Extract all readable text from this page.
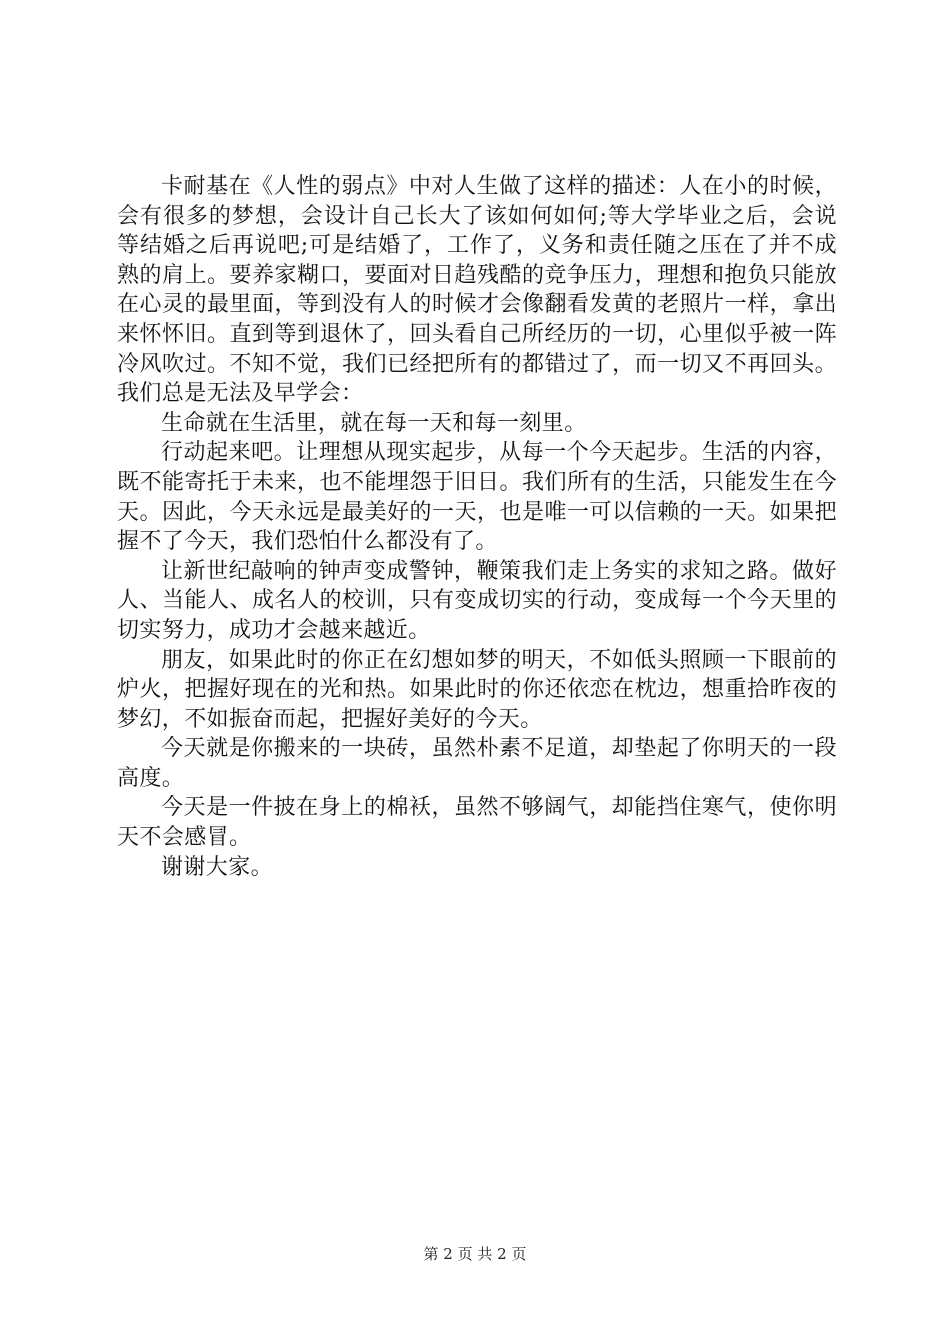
卡耐基在《人性的弱点》中对人生做了这样的描述：人在小的时候，会有很多的梦想，会设计自己长大了该如何如何;等大学毕业之后，会说等结婚之后再说吧;可是结婚了，工作了，义务和责任随之压在了并不成熟的肩上。要养家糊口，要面对日趋残酷的竞争压力，理想和抱负只能放在心灵的最里面，等到没有人的时候才会像翻看发黄的老照片一样，拿出来怀怀旧。直到等到退休了，回头看自己所经历的一切，心里似乎被一阵冷风吹过。不知不觉，我们已经把所有的都错过了，而一切又不再回头。我们总是无法及早学会：

生命就在生活里，就在每一天和每一刻里。

行动起来吧。让理想从现实起步，从每一个今天起步。生活的内容，既不能寄托于未来，也不能埋怨于旧日。我们所有的生活，只能发生在今天。因此，今天永远是最美好的一天，也是唯一可以信赖的一天。如果把握不了今天，我们恐怕什么都没有了。

让新世纪敲响的钟声变成警钟，鞭策我们走上务实的求知之路。做好人、当能人、成名人的校训，只有变成切实的行动，变成每一个今天里的切实努力，成功才会越来越近。

朋友，如果此时的你正在幻想如梦的明天，不如低头照顾一下眼前的炉火，把握好现在的光和热。如果此时的你还依恋在枕边，想重拾昨夜的梦幻，不如振奋而起，把握好美好的今天。

今天就是你搬来的一块砖，虽然朴素不足道，却垫起了你明天的一段高度。

今天是一件披在身上的棉袄，虽然不够阔气，却能挡住寒气，使你明天不会感冒。

谢谢大家。

第 2 页 共 2 页
